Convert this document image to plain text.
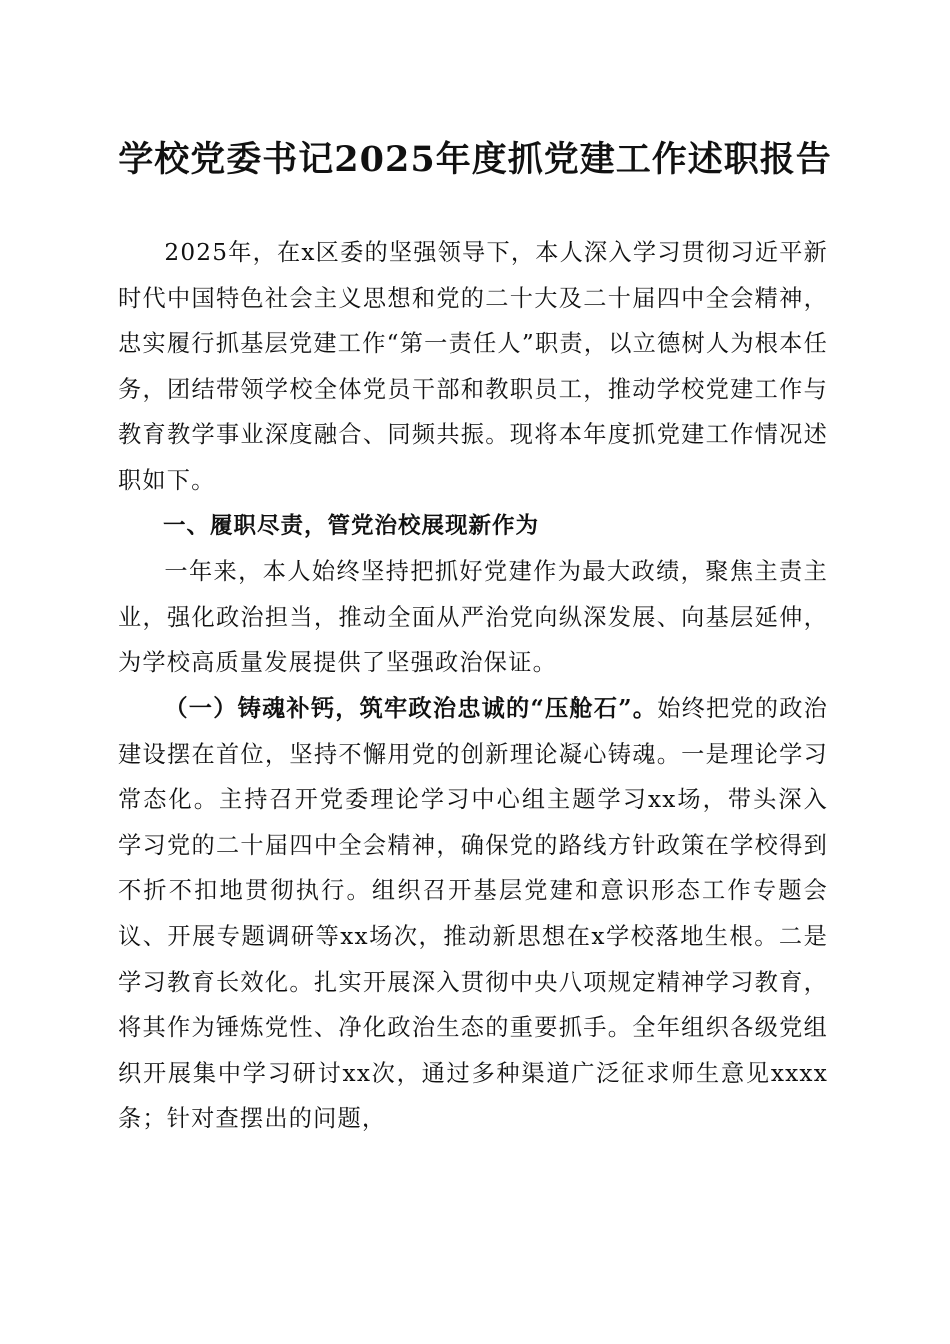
学校党委书记2025年度抓党建工作述职报告

2025年，在x区委的坚强领导下，本人深入学习贯彻习近平新时代中国特色社会主义思想和党的二十大及二十届四中全会精神，忠实履行抓基层党建工作“第一责任人”职责，以立德树人为根本任务，团结带领学校全体党员干部和教职员工，推动学校党建工作与教育教学事业深度融合、同频共振。现将本年度抓党建工作情况述职如下。

一、履职尽责，管党治校展现新作为

一年来，本人始终坚持把抓好党建作为最大政绩，聚焦主责主业，强化政治担当，推动全面从严治党向纵深发展、向基层延伸，为学校高质量发展提供了坚强政治保证。

（一）铸魂补钙，筑牢政治忠诚的“压舱石”。始终把党的政治建设摆在首位，坚持不懈用党的创新理论凝心铸魂。一是理论学习常态化。主持召开党委理论学习中心组主题学习xx场，带头深入学习党的二十届四中全会精神，确保党的路线方针政策在学校得到不折不扣地贯彻执行。组织召开基层党建和意识形态工作专题会议、开展专题调研等xx场次，推动新思想在x学校落地生根。二是学习教育长效化。扎实开展深入贯彻中央八项规定精神学习教育，将其作为锤炼党性、净化政治生态的重要抓手。全年组织各级党组织开展集中学习研讨xx次，通过多种渠道广泛征求师生意见xxxx条；针对查摆出的问题，
